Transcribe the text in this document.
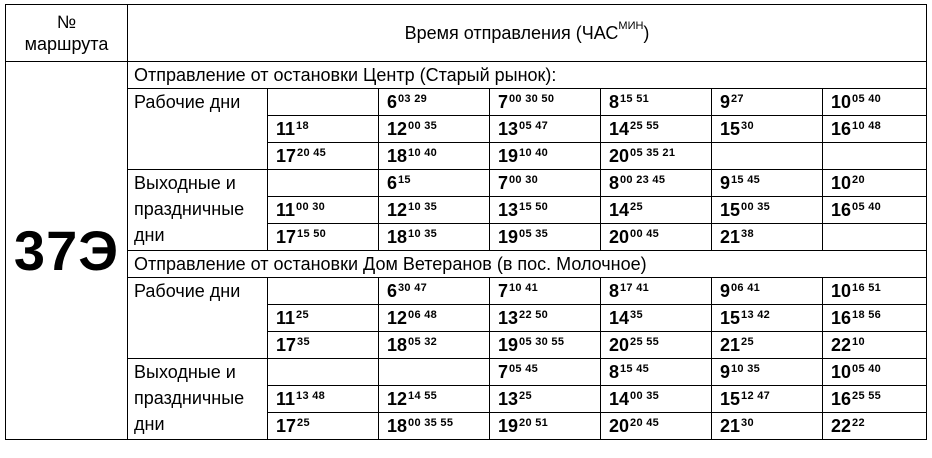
№
маршрута	Время отправления $(ЧАС^{МИН})$						
37Э	Отправление от остановки Центр (Старый рынок):						

	Рабочие дни		$6^{03 29}$	$7^{00 30 50}$	$8^{15 51}$	$9^{27}$	$10^{05 40}$
		$11^{18}$	$12^{00 35}$	$13^{05 47}$	$14^{25 55}$	$15^{30}$	$16^{10 48}$
		$17^{20 45}$	$18^{10 40}$	$19^{10 40}$	$20^{05 35 21}$		

	Выходные и
праздничные
дни		$6^{15}$	$7^{00 30}$	$8^{00 23 45}$	$9^{15 45}$	$10^{20}$
		$11^{00 30}$	$12^{10 35}$	$13^{15 50}$	$14^{25}$	$15^{00 35}$	$16^{05 40}$
		$17^{15 50}$	$18^{10 35}$	$19^{05 35}$	$20^{00 45}$	$21^{38}$	
	Отправление от остановки Дом Ветеранов (в пос. Молочное)						

	Рабочие дни		$6^{30 47}$	$7^{10 41}$	$8^{17 41}$	$9^{06 41}$	$10^{16 51}$
		$11^{25}$	$12^{06 48}$	$13^{22 50}$	$14^{35}$	$15^{13 42}$	$16^{18 56}$
		$17^{35}$	$18^{05 32}$	$19^{05 30 55}$	$20^{25 55}$	$21^{25}$	$22^{10}$

	Выходные и
праздничные
дни			$7^{05 45}$	$8^{15 45}$	$9^{10 35}$	$10^{05 40}$
		$11^{13 48}$	$12^{14 55}$	$13^{25}$	$14^{00 35}$	$15^{12 47}$	$16^{25 55}$
		$17^{25}$	$18^{00 35 55}$	$19^{20 51}$	$20^{20 45}$	$21^{30}$	$22^{22}$
